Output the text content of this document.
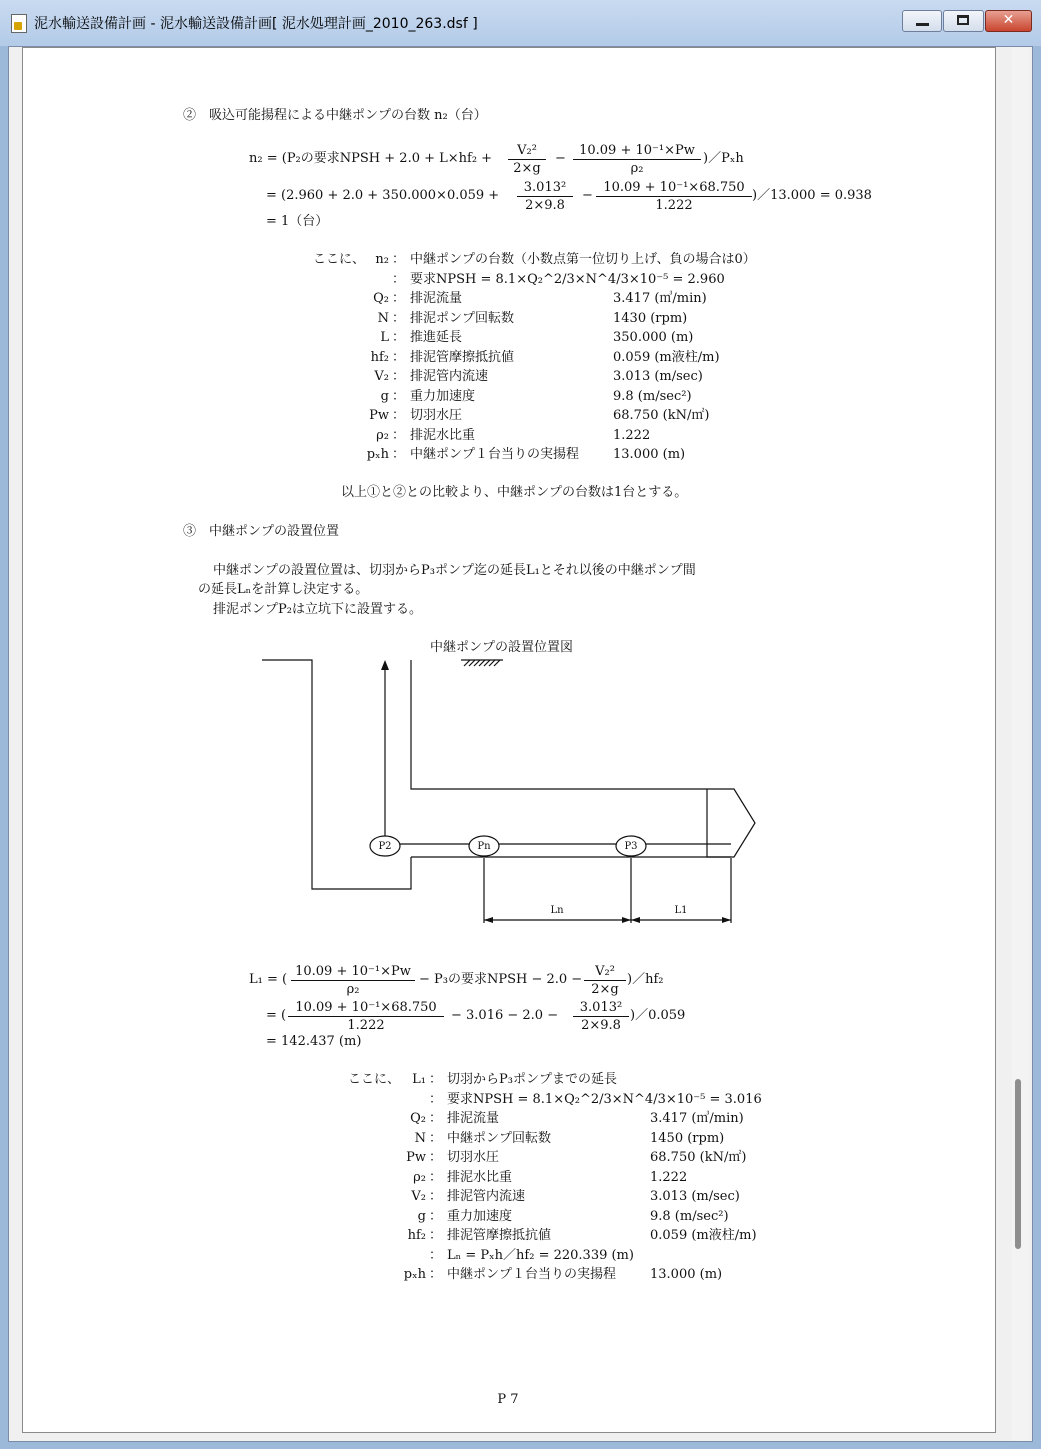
泥水輸送設備計画 - 泥水輸送設備計画[ 泥水処理計画_2010_263.dsf ]	✕
②　吸込可能揚程による中継ポンプの台数 n₂（台）
n₂ = (P₂の要求NPSH + 2.0 + L×hf₂ +
V₂²
2×g
−
10.09 + 10⁻¹×Pw
ρ₂
)／Pₓh
= (2.960 + 2.0 + 350.000×0.059 +
3.013²
2×9.8
−
10.09 + 10⁻¹×68.750
1.222
)／13.000 = 0.938
= 1（台）
ここに、 n₂ ： 中継ポンプの台数（小数点第一位切り上げ、負の場合は0）
： 要求NPSH = 8.1×Q₂^2/3×N^4/3×10⁻⁵ = 2.960
Q₂ ： 排泥流量	3.417 (㎥/min)
N ： 排泥ポンプ回転数	1430 (rpm)
L ： 推進延長	350.000 (m)
hf₂ ： 排泥管摩擦抵抗値	0.059 (m液柱/m)
V₂ ： 排泥管内流速	3.013 (m/sec)
g ： 重力加速度	9.8 (m/sec²)
Pw ： 切羽水圧	68.750 (kN/㎡)
ρ₂ ： 排泥水比重	1.222
pₓh ： 中継ポンプ１台当りの実揚程	13.000 (m)
以上①と②との比較より、中継ポンプの台数は1台とする。
③　中継ポンプの設置位置
中継ポンプの設置位置は、切羽からP₃ポンプ迄の延長L₁とそれ以後の中継ポンプ間
の延長Lₙを計算し決定する。
排泥ポンプP₂は立坑下に設置する。
中継ポンプの設置位置図
P2	Pn	P3
Ln	L1
L₁ = (
10.09 + 10⁻¹×Pw
ρ₂
− P₃の要求NPSH − 2.0 −
V₂²
2×g
)／hf₂
= (
10.09 + 10⁻¹×68.750
1.222
− 3.016 − 2.0 −
3.013²
2×9.8
)／0.059
= 142.437 (m)
ここに、 L₁ ： 切羽からP₃ポンプまでの延長
： 要求NPSH = 8.1×Q₂^2/3×N^4/3×10⁻⁵ = 3.016
Q₂ ： 排泥流量	3.417 (㎥/min)
N ： 中継ポンプ回転数	1450 (rpm)
Pw ： 切羽水圧	68.750 (kN/㎡)
ρ₂ ： 排泥水比重	1.222
V₂ ： 排泥管内流速	3.013 (m/sec)
g ： 重力加速度	9.8 (m/sec²)
hf₂ ： 排泥管摩擦抵抗値	0.059 (m液柱/m)
： Lₙ = Pₓh／hf₂ = 220.339 (m)
pₓh ： 中継ポンプ１台当りの実揚程	13.000 (m)
P 7
